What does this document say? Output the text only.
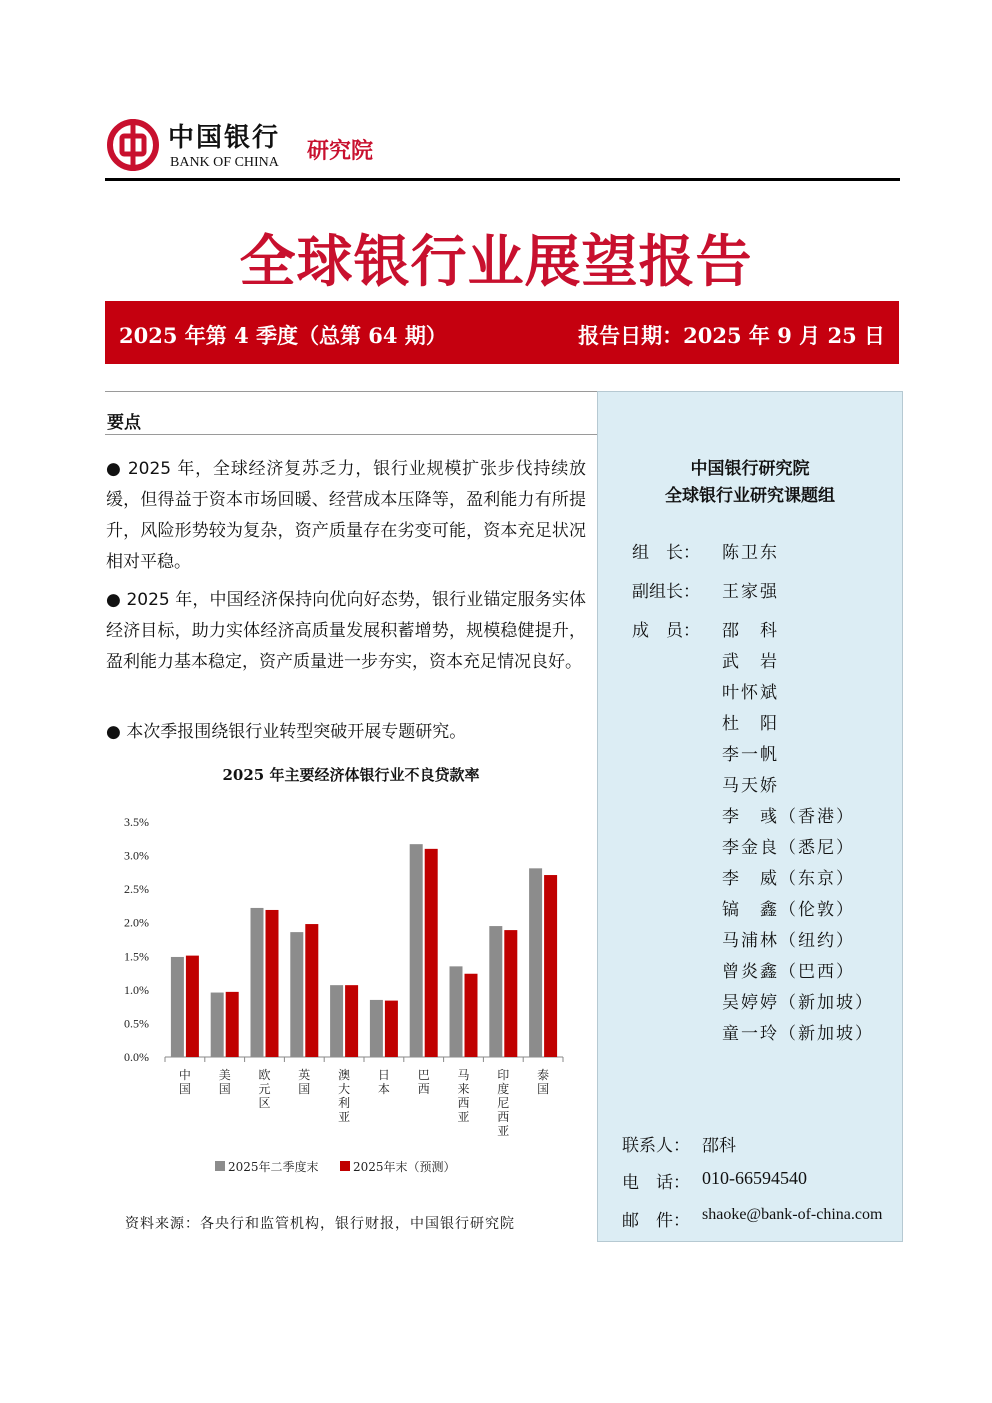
中国银行
BANK OF CHINA 研究院
全球银行业展望报告
2025 年第 4 季度（总第 64 期）	报告日期：2025 年 9 月 25 日
要点
● 2025 年，全球经济复苏乏力，银行业规模扩张步伐持续放缓，但得益于资本市场回暖、经营成本压降等，盈利能力有所提升，风险形势较为复杂，资产质量存在劣变可能，资本充足状况相对平稳。
● 2025 年，中国经济保持向优向好态势，银行业锚定服务实体经济目标，助力实体经济高质量发展积蓄增势，规模稳健提升，盈利能力基本稳定，资产质量进一步夯实，资本充足情况良好。
● 本次季报围绕银行业转型突破开展专题研究。
2025 年主要经济体银行业不良贷款率
0.0%
0.5%
1.0%
1.5%
2.0%
2.5%
3.0%
3.5%
中国
美国
欧元区
英国
澳大利亚
日本
巴西
马来西亚
印度尼西亚
泰国
2025年二季度末	2025年末（预测）
资料来源：各央行和监管机构，银行财报，中国银行研究院
中国银行研究院
全球银行业研究课题组
组　长： 陈卫东
副组长： 王家强
成　员： 邵　科
武　岩
叶怀斌
杜　阳
李一帆
马天娇
李　彧（香港）
李金良（悉尼）
李　威（东京）
镐　鑫（伦敦）
马浦林（纽约）
曾炎鑫（巴西）
吴婷婷（新加坡）
童一玲（新加坡）
联系人： 邵科
电　话： 010-66594540
邮　件： shaoke@bank-of-china.com
